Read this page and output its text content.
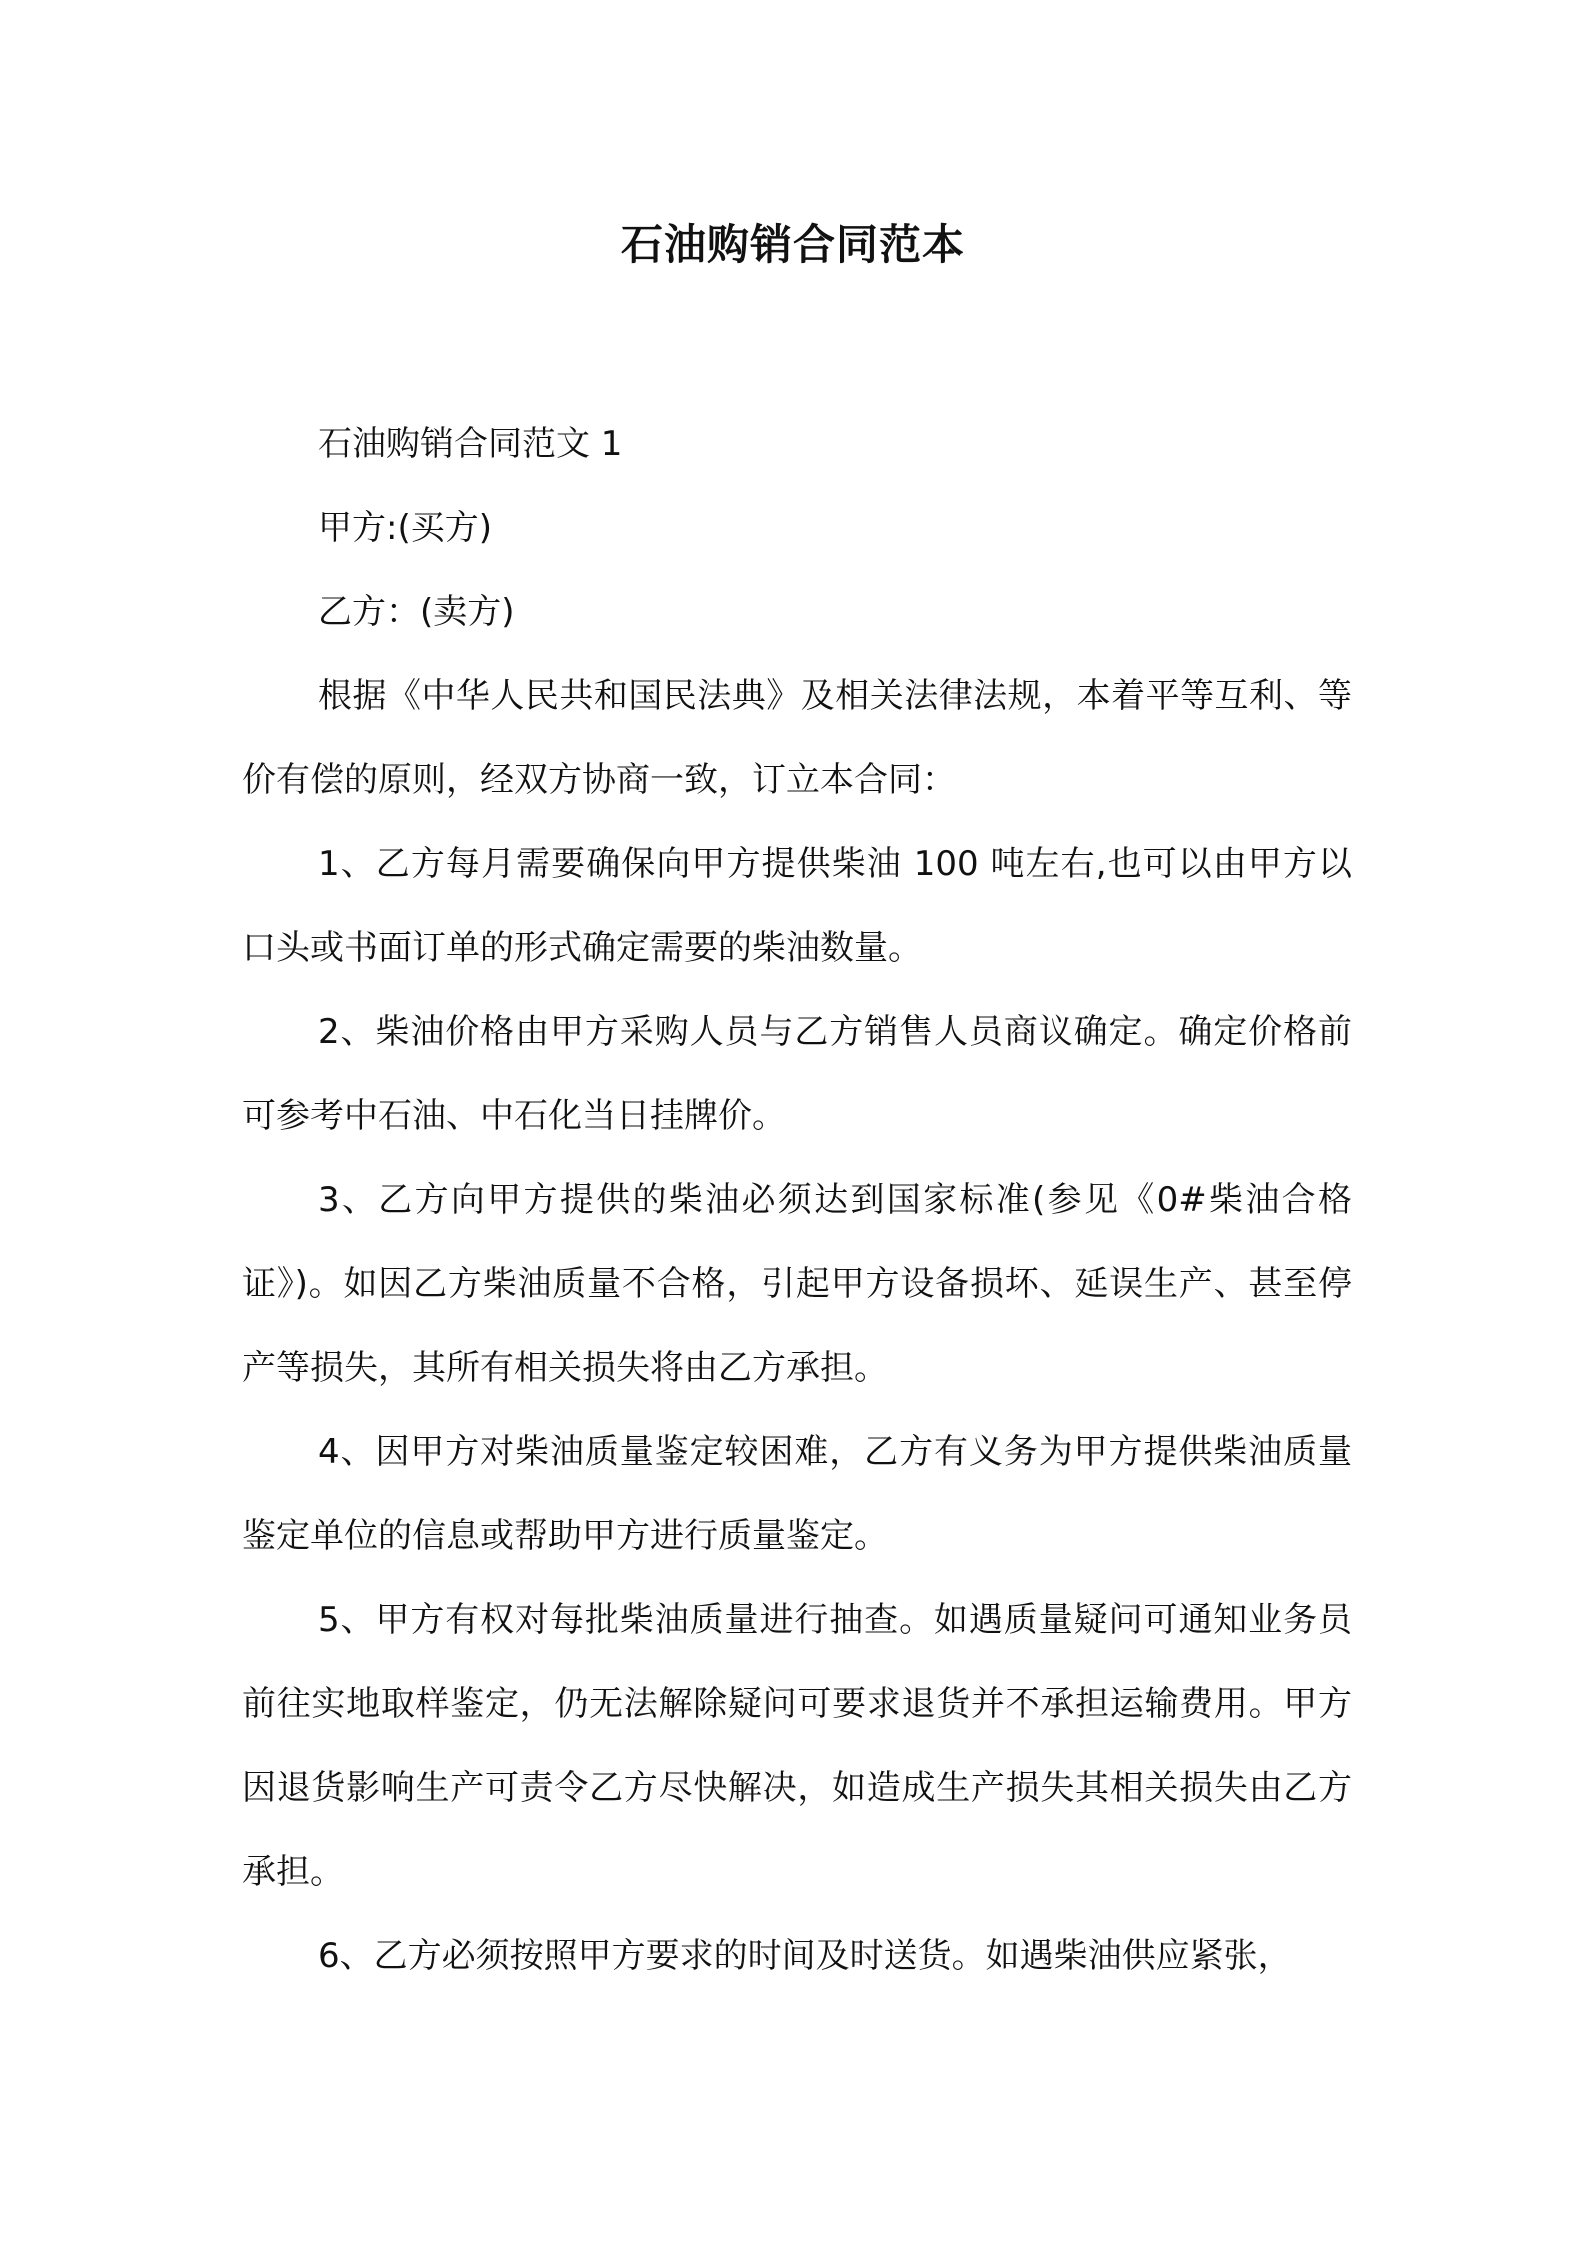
石油购销合同范本

石油购销合同范文 1

甲方:(买方)

乙方：(卖方)

根据《中华人民共和国民法典》及相关法律法规，本着平等互利、等价有偿的原则，经双方协商一致，订立本合同：

1、乙方每月需要确保向甲方提供柴油 100 吨左右,也可以由甲方以口头或书面订单的形式确定需要的柴油数量。

2、柴油价格由甲方采购人员与乙方销售人员商议确定。确定价格前可参考中石油、中石化当日挂牌价。

3、乙方向甲方提供的柴油必须达到国家标准(参见《0#柴油合格证》)。如因乙方柴油质量不合格，引起甲方设备损坏、延误生产、甚至停产等损失，其所有相关损失将由乙方承担。

4、因甲方对柴油质量鉴定较困难，乙方有义务为甲方提供柴油质量鉴定单位的信息或帮助甲方进行质量鉴定。

5、甲方有权对每批柴油质量进行抽查。如遇质量疑问可通知业务员前往实地取样鉴定，仍无法解除疑问可要求退货并不承担运输费用。甲方因退货影响生产可责令乙方尽快解决，如造成生产损失其相关损失由乙方承担。

6、乙方必须按照甲方要求的时间及时送货。如遇柴油供应紧张，
